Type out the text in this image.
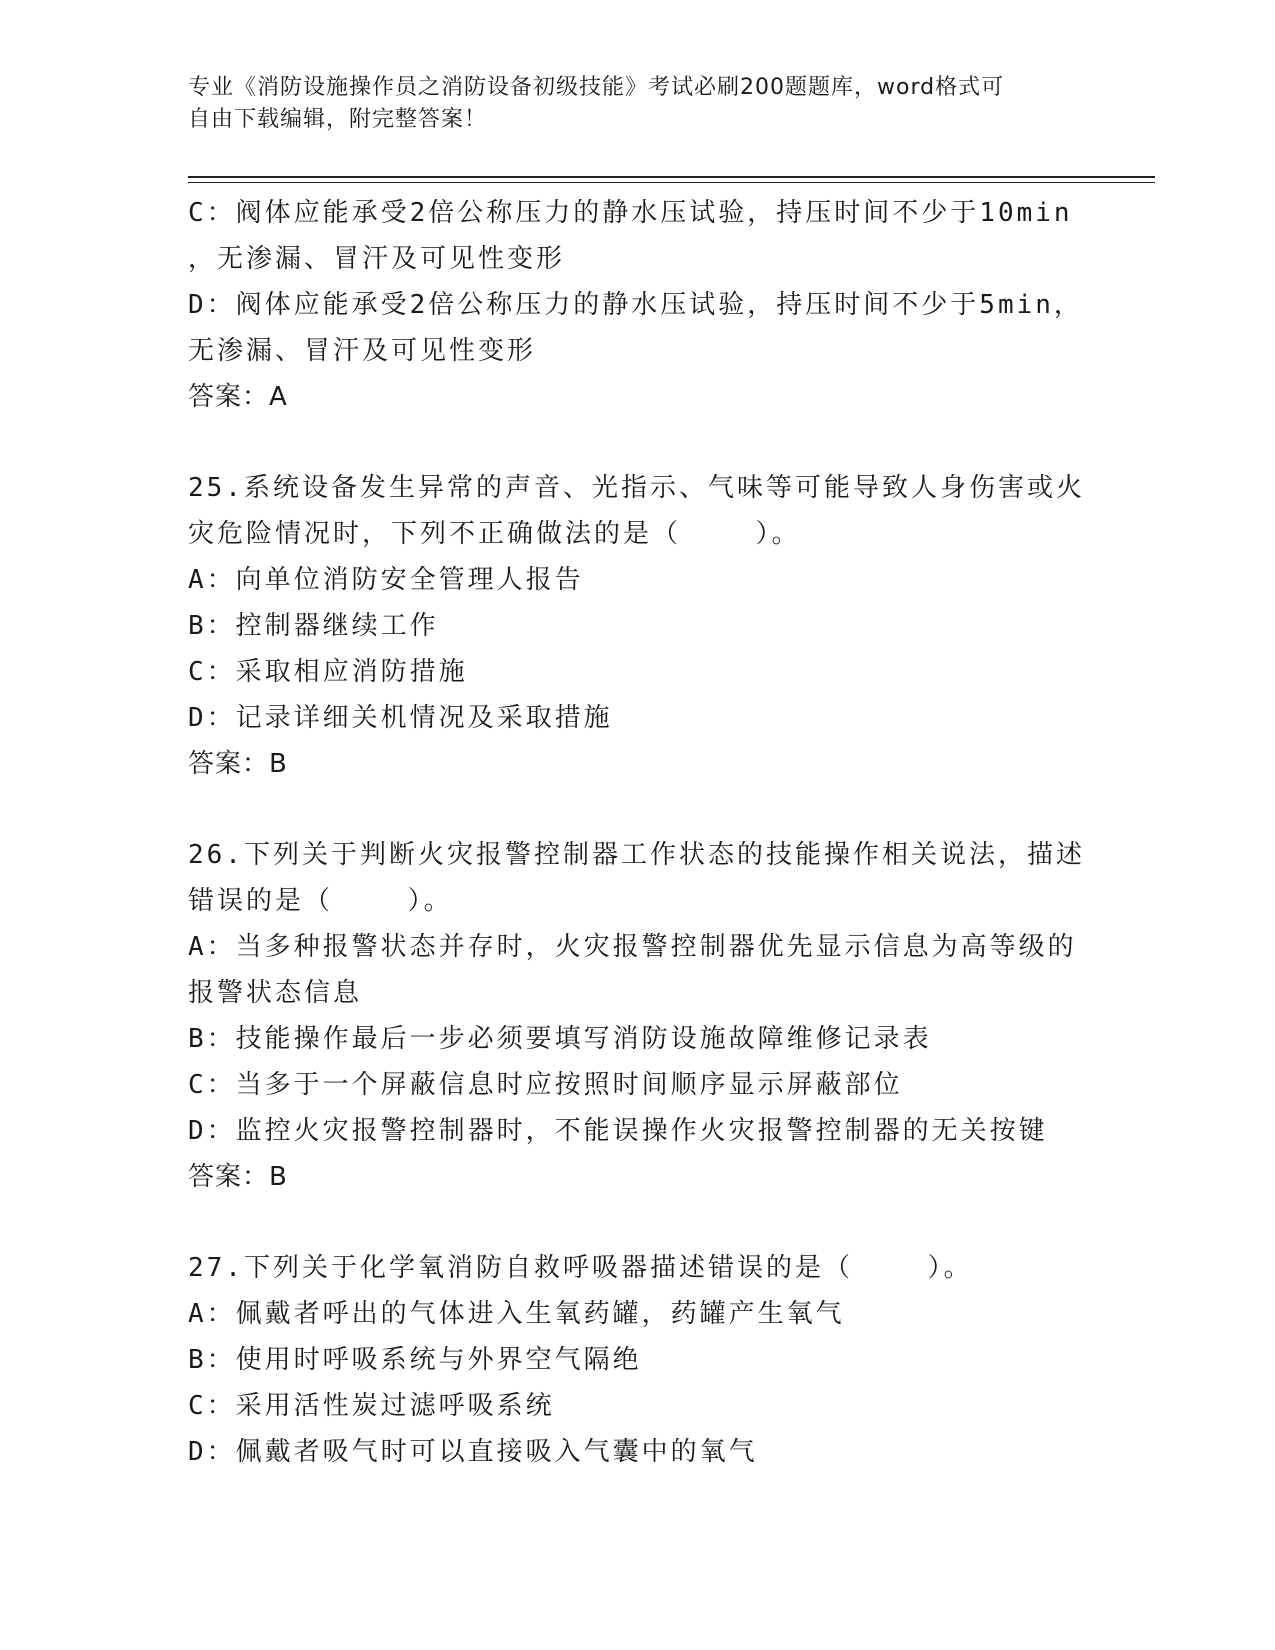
专业《消防设施操作员之消防设备初级技能》考试必刷200题题库，word格式可
自由下载编辑，附完整答案！
C：阀体应能承受2倍公称压力的静水压试验，持压时间不少于10min
，无渗漏、冒汗及可见性变形
D：阀体应能承受2倍公称压力的静水压试验，持压时间不少于5min，
无渗漏、冒汗及可见性变形
答案：A
25.系统设备发生异常的声音、光指示、气味等可能导致人身伤害或火
灾危险情况时，下列不正确做法的是（    ）。
A：向单位消防安全管理人报告
B：控制器继续工作
C：采取相应消防措施
D：记录详细关机情况及采取措施
答案：B
26.下列关于判断火灾报警控制器工作状态的技能操作相关说法，描述
错误的是（    ）。
A：当多种报警状态并存时，火灾报警控制器优先显示信息为高等级的
报警状态信息
B：技能操作最后一步必须要填写消防设施故障维修记录表
C：当多于一个屏蔽信息时应按照时间顺序显示屏蔽部位
D：监控火灾报警控制器时，不能误操作火灾报警控制器的无关按键
答案：B
27.下列关于化学氧消防自救呼吸器描述错误的是（    ）。
A：佩戴者呼出的气体进入生氧药罐，药罐产生氧气
B：使用时呼吸系统与外界空气隔绝
C：采用活性炭过滤呼吸系统
D：佩戴者吸气时可以直接吸入气囊中的氧气
